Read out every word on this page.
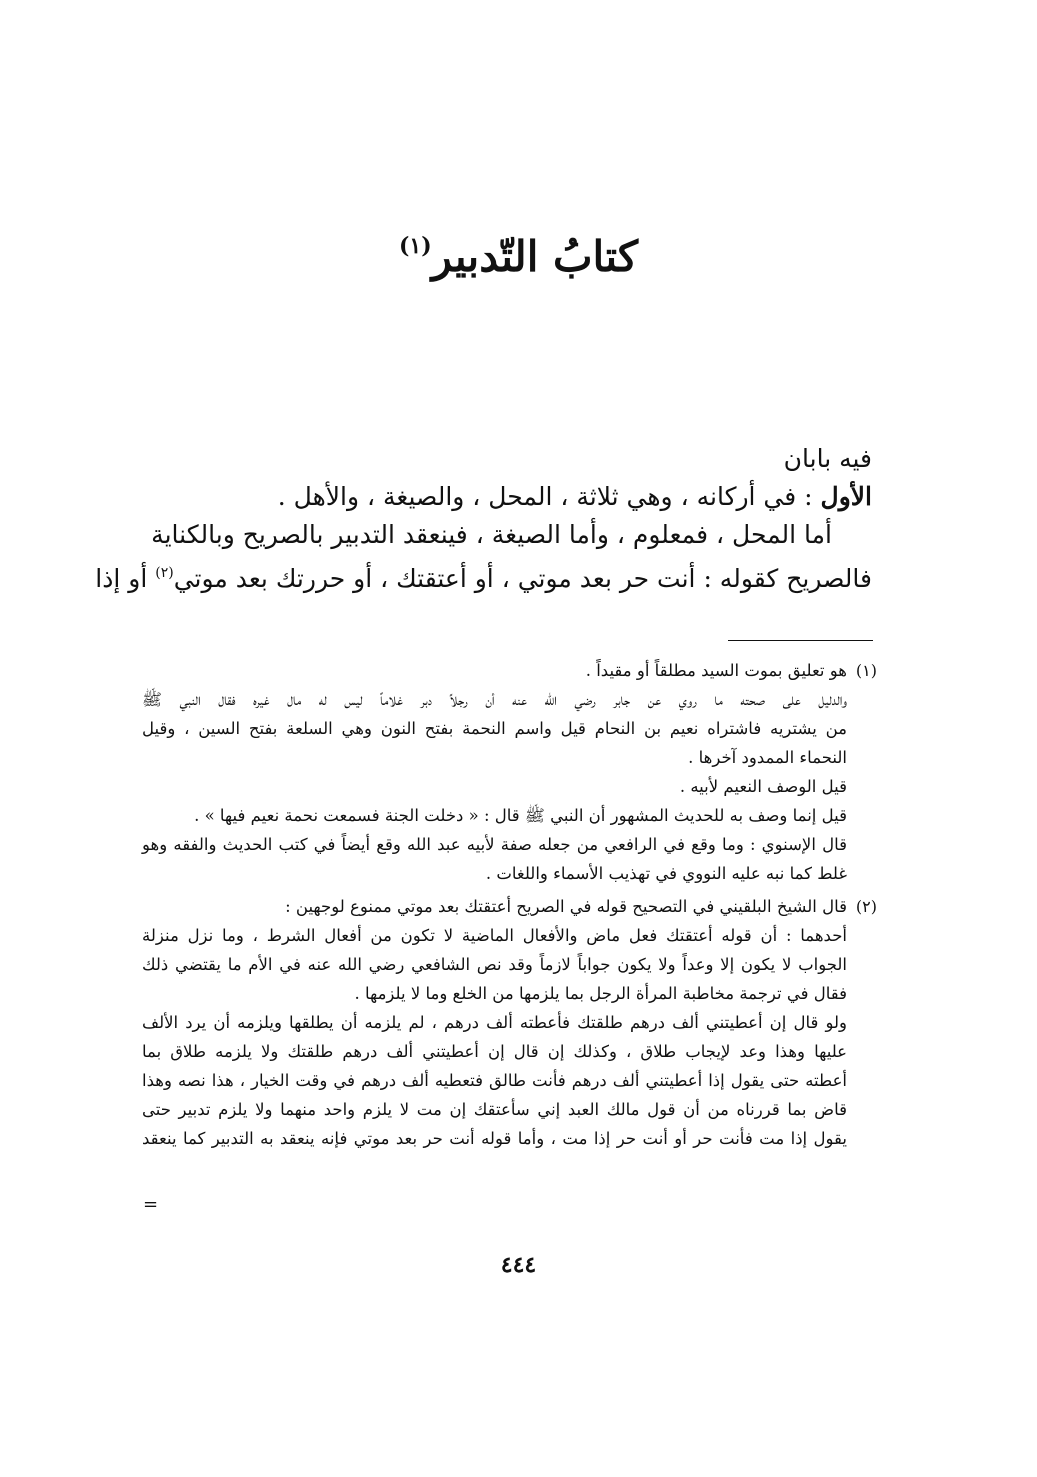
كتابُ التّدبير$^{(١)}$
فيه بابان
الأول : في أركانه ، وهي ثلاثة ، المحل ، والصيغة ، والأهل .
أما المحل ، فمعلوم ، وأما الصيغة ، فينعقد التدبير بالصريح وبالكناية
فالصريح كقوله : أنت حر بعد موتي ، أو أعتقتك ، أو حررتك بعد موتي$^{(٢)}$ أو إذا
(١)
هو تعليق بموت السيد مطلقاً أو مقيداً .
والدليل على صحته ما روي عن جابر رضي الله عنه أن رجلاً دبر غلاماً ليس له مال غيره فقال النبي ﷺ
من يشتريه فاشتراه نعيم بن النحام قيل واسم النحمة بفتح النون وهي السلعة بفتح السين ، وقيل
النحماء الممدود آخرها .
قيل الوصف النعيم لأبيه .
قيل إنما وصف به للحديث المشهور أن النبي ﷺ قال : « دخلت الجنة فسمعت نحمة نعيم فيها » .
قال الإسنوي : وما وقع في الرافعي من جعله صفة لأبيه عبد الله وقع أيضاً في كتب الحديث والفقه وهو
غلط كما نبه عليه النووي في تهذيب الأسماء واللغات .
(٢)
قال الشيخ البلقيني في التصحيح قوله في الصريح أعتقتك بعد موتي ممنوع لوجهين :
أحدهما : أن قوله أعتقتك فعل ماض والأفعال الماضية لا تكون من أفعال الشرط ، وما نزل منزلة
الجواب لا يكون إلا وعداً ولا يكون جواباً لازماً وقد نص الشافعي رضي الله عنه في الأم ما يقتضي ذلك
فقال في ترجمة مخاطبة المرأة الرجل بما يلزمها من الخلع وما لا يلزمها .
ولو قال إن أعطيتني ألف درهم طلقتك فأعطته ألف درهم ، لم يلزمه أن يطلقها ويلزمه أن يرد الألف
عليها وهذا وعد لإيجاب طلاق ، وكذلك إن قال إن أعطيتني ألف درهم طلقتك ولا يلزمه طلاق بما
أعطته حتى يقول إذا أعطيتني ألف درهم فأنت طالق فتعطيه ألف درهم في وقت الخيار ، هذا نصه وهذا
قاض بما قررناه من أن قول مالك العبد إني سأعتقك إن مت لا يلزم واحد منهما ولا يلزم تدبير حتى
يقول إذا مت فأنت حر أو أنت حر إذا مت ، وأما قوله أنت حر بعد موتي فإنه ينعقد به التدبير كما ينعقد
=
٤٤٤
